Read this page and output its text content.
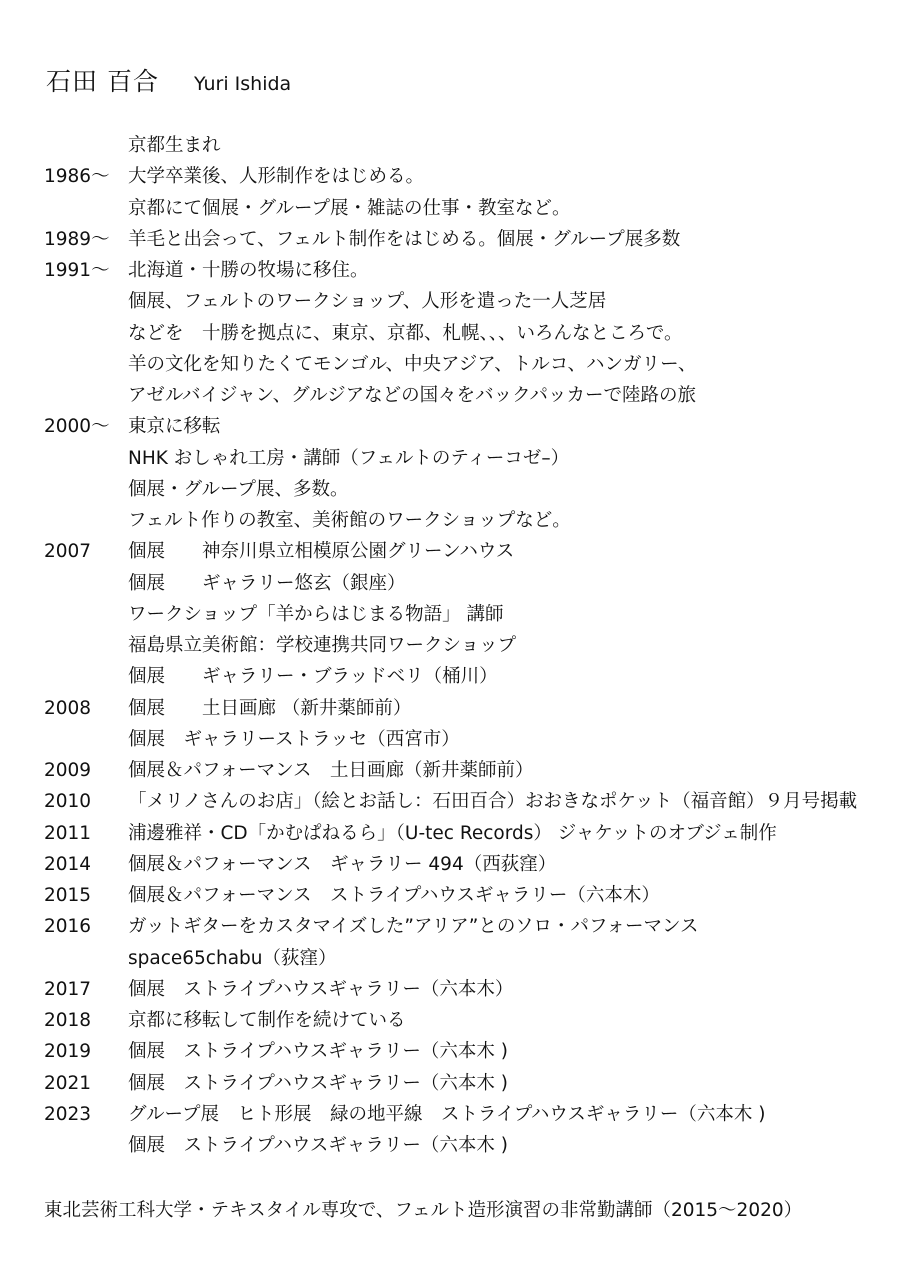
石田 百合 Yuri Ishida
京都生まれ
1986〜 大学卒業後、人形制作をはじめる。
京都にて個展・グループ展・雑誌の仕事・教室など。
1989〜 羊毛と出会って、フェルト制作をはじめる。個展・グループ展多数
1991〜 北海道・十勝の牧場に移住。
個展、フェルトのワークショップ、人形を遣った一人芝居
などを　十勝を拠点に、東京、京都、札幌、、、いろんなところで。
羊の文化を知りたくてモンゴル、中央アジア、トルコ、ハンガリー、
アゼルバイジャン、グルジアなどの国々をバックパッカーで陸路の旅
2000〜 東京に移転
NHK おしゃれ工房・講師（フェルトのティーコゼ–）
個展・グループ展、多数。
フェルト作りの教室、美術館のワークショップなど。
2007	個展　　神奈川県立相模原公園グリーンハウス
個展　　ギャラリー悠玄（銀座）
ワークショップ「羊からはじまる物語」 講師
福島県立美術館：学校連携共同ワークショップ
個展　　ギャラリー・ブラッドベリ（桶川）
2008	個展　　土日画廊 （新井薬師前）
個展　ギャラリーストラッセ（西宮市）
2009	個展＆パフォーマンス　土日画廊（新井薬師前）
2010	「メリノさんのお店」（絵とお話し：石田百合）おおきなポケット（福音館）９月号掲載
2011	浦邊雅祥・CD「かむぱねるら」（U-tec Records） ジャケットのオブジェ制作
2014	個展＆パフォーマンス　ギャラリー 494（西荻窪）
2015	個展＆パフォーマンス　ストライプハウスギャラリー（六本木）
2016	ガットギターをカスタマイズした”アリア”とのソロ・パフォーマンス
space65chabu（荻窪）
2017	個展　ストライプハウスギャラリー（六本木）
2018	京都に移転して制作を続けている
2019	個展　ストライプハウスギャラリー（六本木 )
2021	個展　ストライプハウスギャラリー（六本木 )
2023	グループ展　ヒト形展　緑の地平線　ストライプハウスギャラリー（六本木 )
個展　ストライプハウスギャラリー（六本木 )
東北芸術工科大学・テキスタイル専攻で、フェルト造形演習の非常勤講師（2015〜2020）
